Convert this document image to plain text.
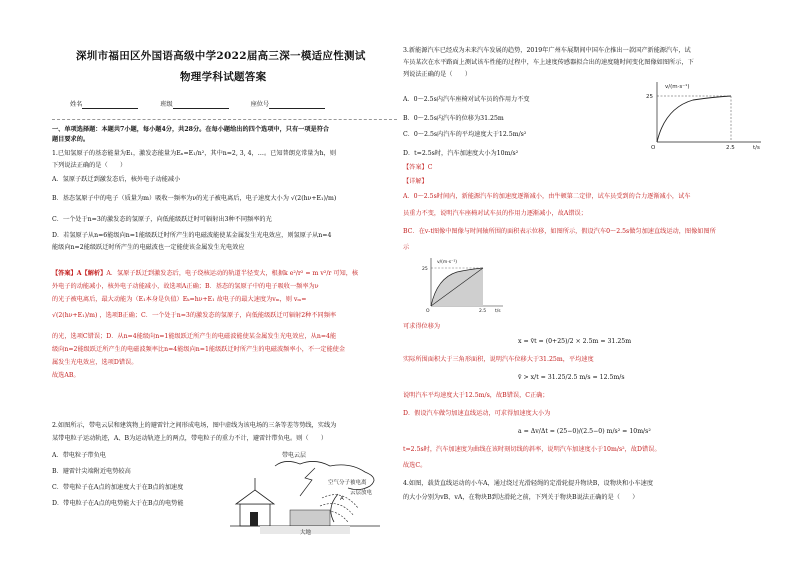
深圳市福田区外国语高级中学2022届高三深一模适应性测试
物理学科试题答案
姓名	班级	座位号
一、单项选择题：本题共7小题，每小题4分，共28分。在每小题给出的四个选项中，只有一项是符合
题目要求的。
1.已知氢原子的基态能量为E₁，激发态能量为Eₙ=E₁/n²，其中n=2, 3, 4，…。已知普朗克常量为h，则
下列说法正确的是（　　）
A．氢原子跃迁到激发态后，核外电子动能减小
B．基态氢原子中的电子（质量为m）吸收一频率为ν的光子被电离后，电子速度大小为 √(2(hν+E₁)/m)
C．一个处于n=3的激发态的氢原子，向低能级跃迁时可辐射出3种不同频率的光
D．若氢原子从n=6能级向n=1能级跃迁时所产生的电磁波能使某金属发生光电效应，则氢原子从n=4
能级向n=2能级跃迁时所产生的电磁波也一定能使该金属发生光电效应
【答案】A【解析】A．氢原子跃迁到激发态后，电子绕核运动的轨道半径变大，根据k e²/r² = m v²/r 可知，核
外电子的动能减小，核外电子动能减小，故选项A正确；B．基态的氢原子中的电子吸收一频率为ν
的光子被电离后，最大动能为（E₁本身是负值）Eₖ=hν+E₁ 故电子的最大速度为vₘ，则 vₘ=
√(2(hν+E₁)/m) ，选项B正确；C．一个处于n=3的激发态的氢原子，向低能级跃迁可辐射2种不同频率
的光，选项C错误；D．从n=4能级向n=1能级跃迁所产生的电磁波能使某金属发生光电效应，从n=4能
级向n=2能级跃迁所产生的电磁波频率比n=4能级向n=1能级跃迁时所产生的电磁波频率小，不一定能使金
属发生光电效应，选项D错误。
故选AB。
2.如图所示，带电云层和建筑物上的避雷针之间形成电场，图中虚线为该电场的三条等差等势线，实线为
某带电粒子运动轨迹，A、B为运动轨迹上的两点，带电粒子的重力不计，避雷针带负电。则（　　）
A．带电粒子带负电
B．避雷针尖端附近电势较高
C．带电粒子在A点的加速度大于在B点的加速度
D．带电粒子在A点的电势能大于在B点的电势能
带电云层
空气分子被电离
云层放电
A
大地
3.新能源汽车已经成为未来汽车发展的趋势，2019年广州车展期间中国车企推出一款国产新能源汽车，试
车员某次在水平路面上测试该车性能的过程中，车上速度传感器拟合出的速度随时间变化图像如图所示，下
列说法正确的是（　　）
A．0～2.5s内汽车座椅对试车员的作用力不变
B．0～2.5s内汽车的位移为31.25m
C．0～2.5s内汽车的平均速度大于12.5m/s²
D．t=2.5s时，汽车加速度大小为10m/s²
v/(m·s⁻¹)
25
O	2.5	t/s
【答案】C
【详解】
A．0～2.5s时间内，新能源汽车的加速度逐渐减小，由牛顿第二定律，试车员受到的合力逐渐减小，试车
员重力不变，说明汽车座椅对试车员的作用力逐渐减小，故A错误；
BC．在v-t图像中图像与时间轴所围的面积表示位移，如图所示，假设汽车0～2.5s做匀加速直线运动，图像如图所
示
v/(m·s⁻¹)
25
O	2.5 t/s
可求得位移为
x = v̄t = (0+25)/2 × 2.5m = 31.25m
实际所围面积大于三角形面积，说明汽车位移大于31.25m，平均速度
v̄ > x/t = 31.25/2.5 m/s = 12.5m/s
说明汽车平均速度大于12.5m/s，故B错误，C正确；
D．假设汽车做匀加速直线运动，可求得加速度大小为
a = Δv/Δt = (25−0)/(2.5−0) m/s² = 10m/s²
t=2.5s时，汽车加速度为曲线在该时刻切线的斜率，说明汽车加速度小于10m/s²，故D错误。
故选C。
4.如图，载货直线运动的小车A，通过绕过光滑轻绳的定滑轮提升物块B，设物块和小车速度
的大小分别为vB、vA，在物块B到达滑轮之前，下列关于物块B说法正确的是（　　）
